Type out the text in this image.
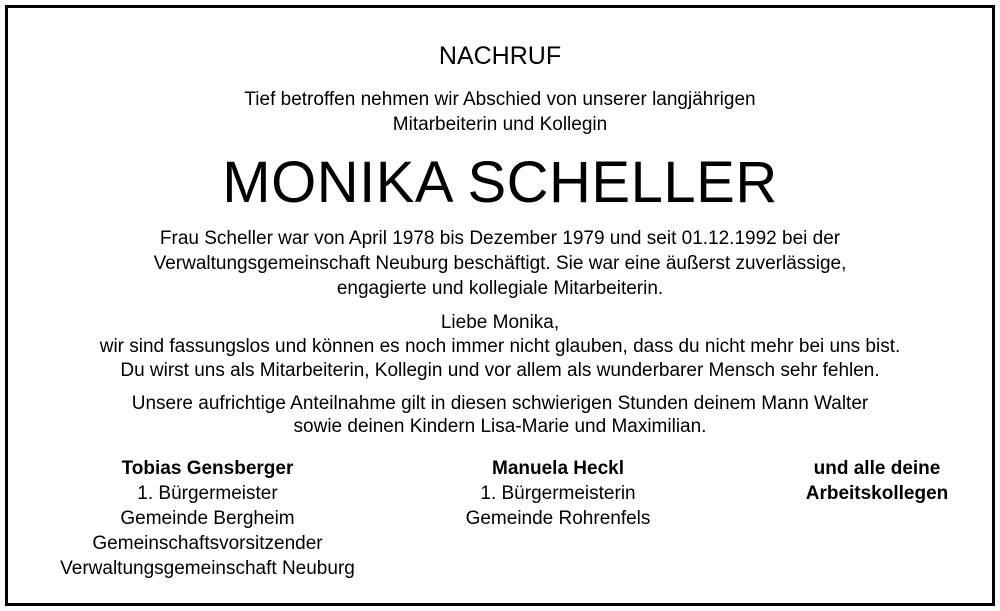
NACHRUF
Tief betroffen nehmen wir Abschied von unserer langjährigen
Mitarbeiterin und Kollegin
MONIKA SCHELLER
Frau Scheller war von April 1978 bis Dezember 1979 und seit 01.12.1992 bei der
Verwaltungsgemeinschaft Neuburg beschäftigt. Sie war eine äußerst zuverlässige,
engagierte und kollegiale Mitarbeiterin.
Liebe Monika,
wir sind fassungslos und können es noch immer nicht glauben, dass du nicht mehr bei uns bist.
Du wirst uns als Mitarbeiterin, Kollegin und vor allem als wunderbarer Mensch sehr fehlen.
Unsere aufrichtige Anteilnahme gilt in diesen schwierigen Stunden deinem Mann Walter
sowie deinen Kindern Lisa-Marie und Maximilian.
Tobias Gensberger
1. Bürgermeister
Gemeinde Bergheim
Gemeinschaftsvorsitzender
Verwaltungsgemeinschaft Neuburg
Manuela Heckl
1. Bürgermeisterin
Gemeinde Rohrenfels
und alle deine
Arbeitskollegen
